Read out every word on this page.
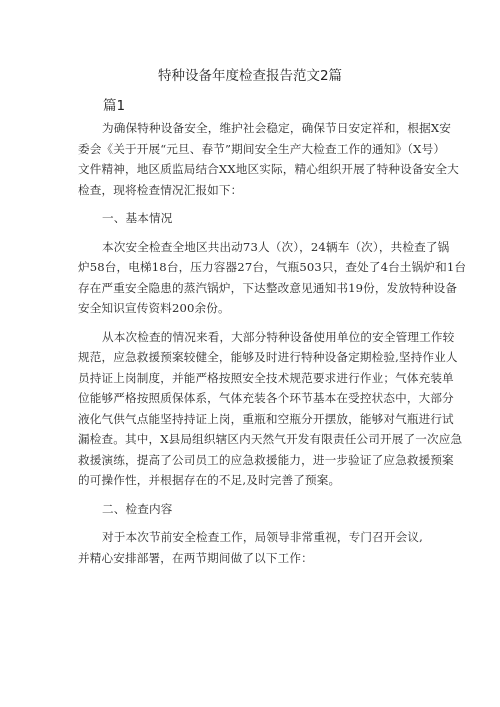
特种设备年度检查报告范文2篇
篇1

为确保特种设备安全，维护社会稳定，确保节日安定祥和，根据X安
委会《关于开展“元旦、春节”期间安全生产大检查工作的通知》（X号）
文件精神，地区质监局结合XX地区实际，精心组织开展了特种设备安全大
检查，现将检查情况汇报如下：

一、基本情况

本次安全检查全地区共出动73人（次），24辆车（次），共检查了锅
炉58台，电梯18台，压力容器27台，气瓶503只，查处了4台土锅炉和1台
存在严重安全隐患的蒸汽锅炉，下达整改意见通知书19份，发放特种设备
安全知识宣传资料200余份。

从本次检查的情况来看，大部分特种设备使用单位的安全管理工作较
规范，应急救援预案较健全，能够及时进行特种设备定期检验,坚持作业人
员持证上岗制度，并能严格按照安全技术规范要求进行作业；气体充装单
位能够严格按照质保体系，气体充装各个环节基本在受控状态中，大部分
液化气供气点能坚持持证上岗，重瓶和空瓶分开摆放，能够对气瓶进行试
漏检查。其中，X县局组织辖区内天然气开发有限责任公司开展了一次应急
救援演练，提高了公司员工的应急救援能力，进一步验证了应急救援预案
的可操作性，并根据存在的不足,及时完善了预案。

二、检查内容

对于本次节前安全检查工作，局领导非常重视，专门召开会议,
并精心安排部署，在两节期间做了以下工作：
